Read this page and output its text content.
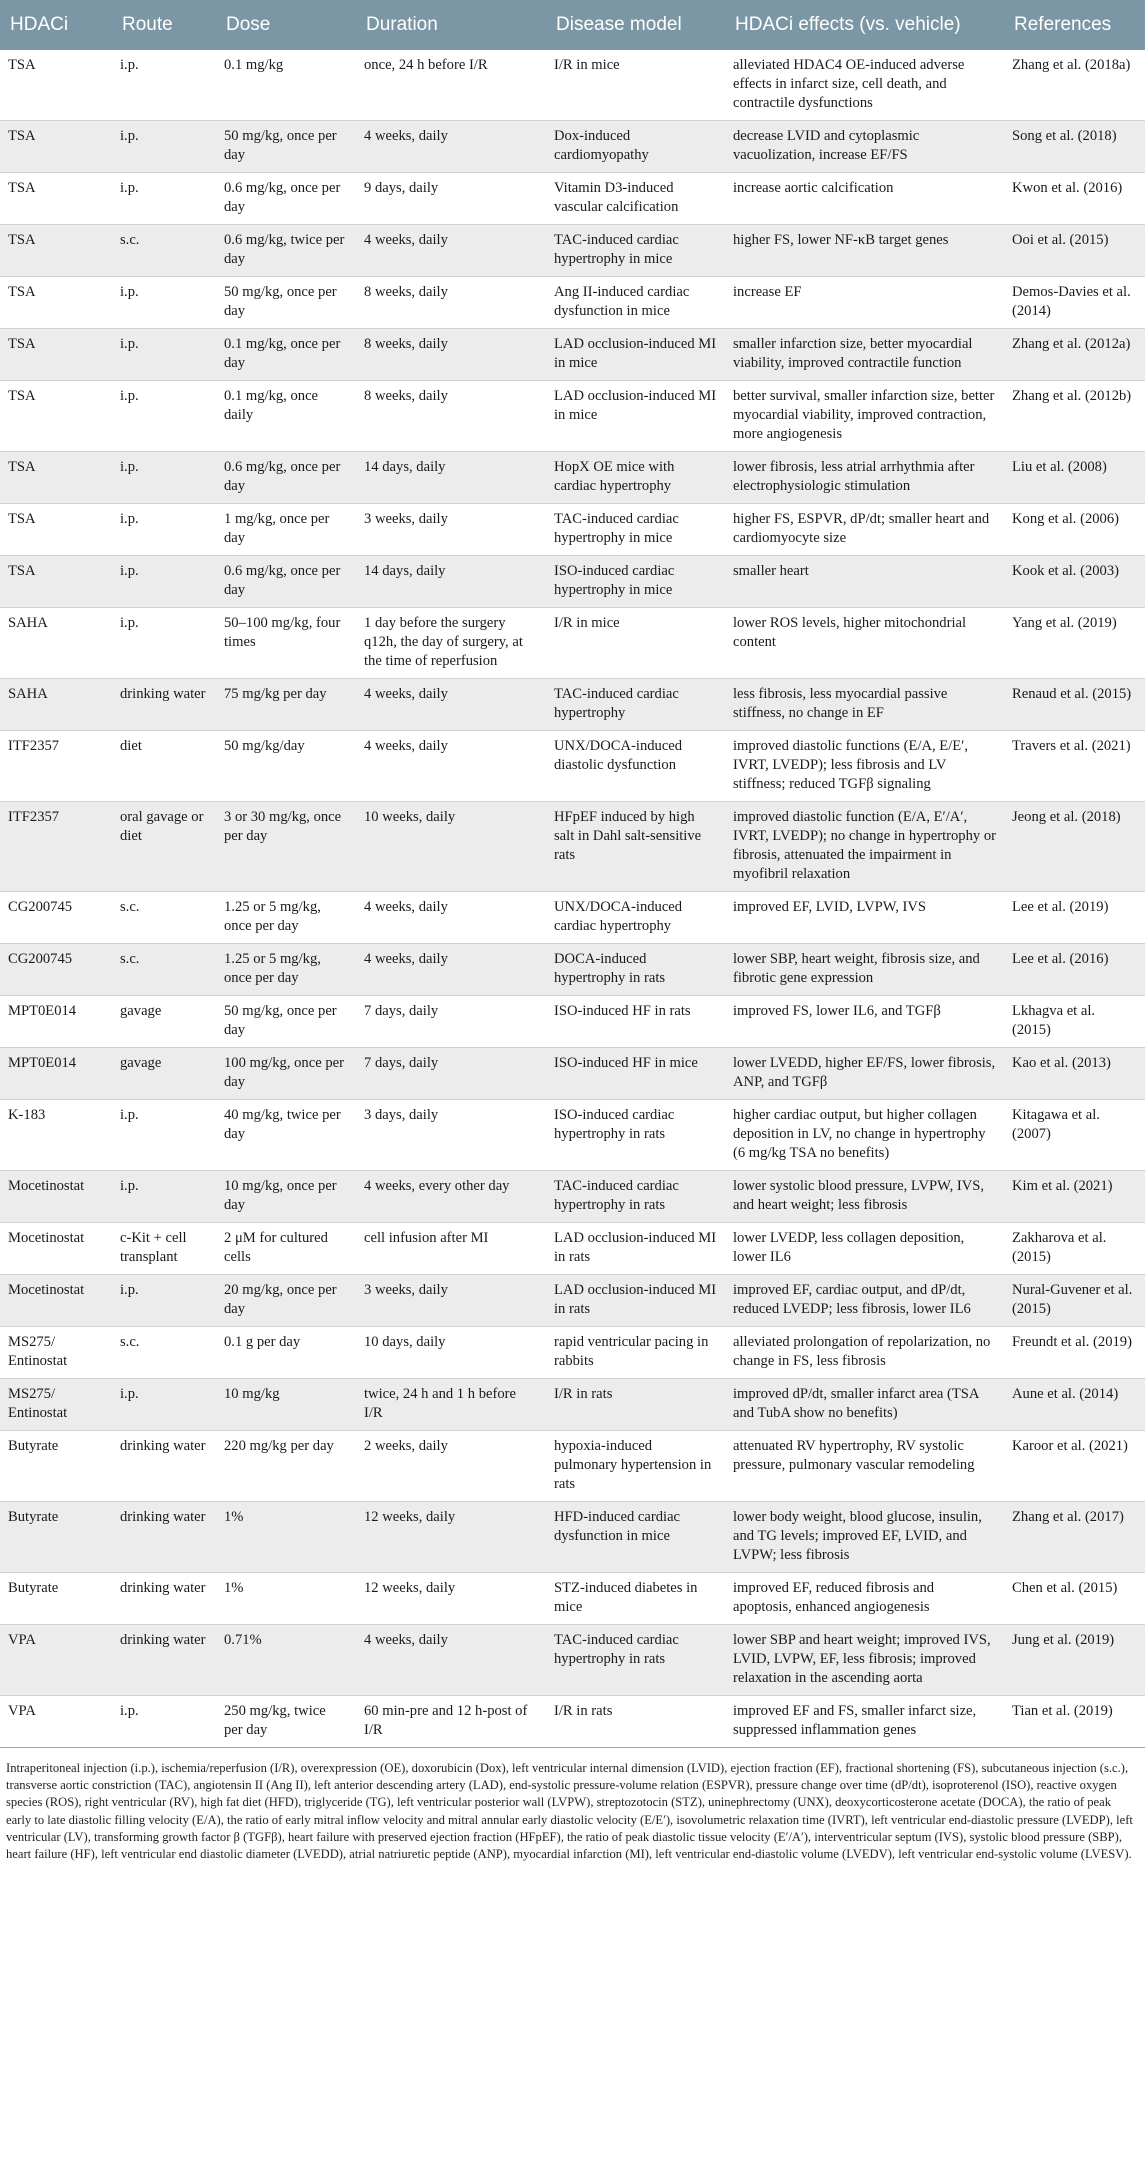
HDACi	Route	Dose	Duration	Disease model	HDACi effects (vs. vehicle)	References
TSA	i.p.	0.1 mg/kg	once, 24 h before I/R	I/R in mice	alleviated HDAC4 OE-induced adverse effects in infarct size, cell death, and contractile dysfunctions	Zhang et al. (2018a)
TSA	i.p.	50 mg/kg, once per day	4 weeks, daily	Dox-induced cardiomyopathy	decrease LVID and cytoplasmic vacuolization, increase EF/FS	Song et al. (2018)
TSA	i.p.	0.6 mg/kg, once per day	9 days, daily	Vitamin D3-induced vascular calcification	increase aortic calcification	Kwon et al. (2016)
TSA	s.c.	0.6 mg/kg, twice per day	4 weeks, daily	TAC-induced cardiac hypertrophy in mice	higher FS, lower NF-κB target genes	Ooi et al. (2015)
TSA	i.p.	50 mg/kg, once per day	8 weeks, daily	Ang II-induced cardiac dysfunction in mice	increase EF	Demos-Davies et al. (2014)
TSA	i.p.	0.1 mg/kg, once per day	8 weeks, daily	LAD occlusion-induced MI in mice	smaller infarction size, better myocardial viability, improved contractile function	Zhang et al. (2012a)
TSA	i.p.	0.1 mg/kg, once daily	8 weeks, daily	LAD occlusion-induced MI in mice	better survival, smaller infarction size, better myocardial viability, improved contraction, more angiogenesis	Zhang et al. (2012b)
TSA	i.p.	0.6 mg/kg, once per day	14 days, daily	HopX OE mice with cardiac hypertrophy	lower fibrosis, less atrial arrhythmia after electrophysiologic stimulation	Liu et al. (2008)
TSA	i.p.	1 mg/kg, once per day	3 weeks, daily	TAC-induced cardiac hypertrophy in mice	higher FS, ESPVR, dP/dt; smaller heart and cardiomyocyte size	Kong et al. (2006)
TSA	i.p.	0.6 mg/kg, once per day	14 days, daily	ISO-induced cardiac hypertrophy in mice	smaller heart	Kook et al. (2003)
SAHA	i.p.	50–100 mg/kg, four times	1 day before the surgery q12h, the day of surgery, at the time of reperfusion	I/R in mice	lower ROS levels, higher mitochondrial content	Yang et al. (2019)
SAHA	drinking water	75 mg/kg per day	4 weeks, daily	TAC-induced cardiac hypertrophy	less fibrosis, less myocardial passive stiffness, no change in EF	Renaud et al. (2015)
ITF2357	diet	50 mg/kg/day	4 weeks, daily	UNX/DOCA-induced diastolic dysfunction	improved diastolic functions (E/A, E/E′, IVRT, LVEDP); less fibrosis and LV stiffness; reduced TGFβ signaling	Travers et al. (2021)
ITF2357	oral gavage or diet	3 or 30 mg/kg, once per day	10 weeks, daily	HFpEF induced by high salt in Dahl salt-sensitive rats	improved diastolic function (E/A, E′/A′, IVRT, LVEDP); no change in hypertrophy or fibrosis, attenuated the impairment in myofibril relaxation	Jeong et al. (2018)
CG200745	s.c.	1.25 or 5 mg/kg, once per day	4 weeks, daily	UNX/DOCA-induced cardiac hypertrophy	improved EF, LVID, LVPW, IVS	Lee et al. (2019)
CG200745	s.c.	1.25 or 5 mg/kg, once per day	4 weeks, daily	DOCA-induced hypertrophy in rats	lower SBP, heart weight, fibrosis size, and fibrotic gene expression	Lee et al. (2016)
MPT0E014	gavage	50 mg/kg, once per day	7 days, daily	ISO-induced HF in rats	improved FS, lower IL6, and TGFβ	Lkhagva et al. (2015)
MPT0E014	gavage	100 mg/kg, once per day	7 days, daily	ISO-induced HF in mice	lower LVEDD, higher EF/FS, lower fibrosis, ANP, and TGFβ	Kao et al. (2013)
K-183	i.p.	40 mg/kg, twice per day	3 days, daily	ISO-induced cardiac hypertrophy in rats	higher cardiac output, but higher collagen deposition in LV, no change in hypertrophy (6 mg/kg TSA no benefits)	Kitagawa et al. (2007)
Mocetinostat	i.p.	10 mg/kg, once per day	4 weeks, every other day	TAC-induced cardiac hypertrophy in rats	lower systolic blood pressure, LVPW, IVS, and heart weight; less fibrosis	Kim et al. (2021)
Mocetinostat	c-Kit + cell transplant	2 μM for cultured cells	cell infusion after MI	LAD occlusion-induced MI in rats	lower LVEDP, less collagen deposition, lower IL6	Zakharova et al. (2015)
Mocetinostat	i.p.	20 mg/kg, once per day	3 weeks, daily	LAD occlusion-induced MI in rats	improved EF, cardiac output, and dP/dt, reduced LVEDP; less fibrosis, lower IL6	Nural-Guvener et al. (2015)
MS275/ Entinostat	s.c.	0.1 g per day	10 days, daily	rapid ventricular pacing in rabbits	alleviated prolongation of repolarization, no change in FS, less fibrosis	Freundt et al. (2019)
MS275/ Entinostat	i.p.	10 mg/kg	twice, 24 h and 1 h before I/R	I/R in rats	improved dP/dt, smaller infarct area (TSA and TubA show no benefits)	Aune et al. (2014)
Butyrate	drinking water	220 mg/kg per day	2 weeks, daily	hypoxia-induced pulmonary hypertension in rats	attenuated RV hypertrophy, RV systolic pressure, pulmonary vascular remodeling	Karoor et al. (2021)
Butyrate	drinking water	1%	12 weeks, daily	HFD-induced cardiac dysfunction in mice	lower body weight, blood glucose, insulin, and TG levels; improved EF, LVID, and LVPW; less fibrosis	Zhang et al. (2017)
Butyrate	drinking water	1%	12 weeks, daily	STZ-induced diabetes in mice	improved EF, reduced fibrosis and apoptosis, enhanced angiogenesis	Chen et al. (2015)
VPA	drinking water	0.71%	4 weeks, daily	TAC-induced cardiac hypertrophy in rats	lower SBP and heart weight; improved IVS, LVID, LVPW, EF, less fibrosis; improved relaxation in the ascending aorta	Jung et al. (2019)
VPA	i.p.	250 mg/kg, twice per day	60 min-pre and 12 h-post of I/R	I/R in rats	improved EF and FS, smaller infarct size, suppressed inflammation genes	Tian et al. (2019)
Intraperitoneal injection (i.p.), ischemia/reperfusion (I/R), overexpression (OE), doxorubicin (Dox), left ventricular internal dimension (LVID), ejection fraction (EF), fractional shortening (FS), subcutaneous injection (s.c.), transverse aortic constriction (TAC), angiotensin II (Ang II), left anterior descending artery (LAD), end-systolic pressure-volume relation (ESPVR), pressure change over time (dP/dt), isoproterenol (ISO), reactive oxygen species (ROS), right ventricular (RV), high fat diet (HFD), triglyceride (TG), left ventricular posterior wall (LVPW), streptozotocin (STZ), uninephrectomy (UNX), deoxycorticosterone acetate (DOCA), the ratio of peak early to late diastolic filling velocity (E/A), the ratio of early mitral inflow velocity and mitral annular early diastolic velocity (E/E′), isovolumetric relaxation time (IVRT), left ventricular end-diastolic pressure (LVEDP), left ventricular (LV), transforming growth factor β (TGFβ), heart failure with preserved ejection fraction (HFpEF), the ratio of peak diastolic tissue velocity (E′/A′), interventricular septum (IVS), systolic blood pressure (SBP), heart failure (HF), left ventricular end diastolic diameter (LVEDD), atrial natriuretic peptide (ANP), myocardial infarction (MI), left ventricular end-diastolic volume (LVEDV), left ventricular end-systolic volume (LVESV).
